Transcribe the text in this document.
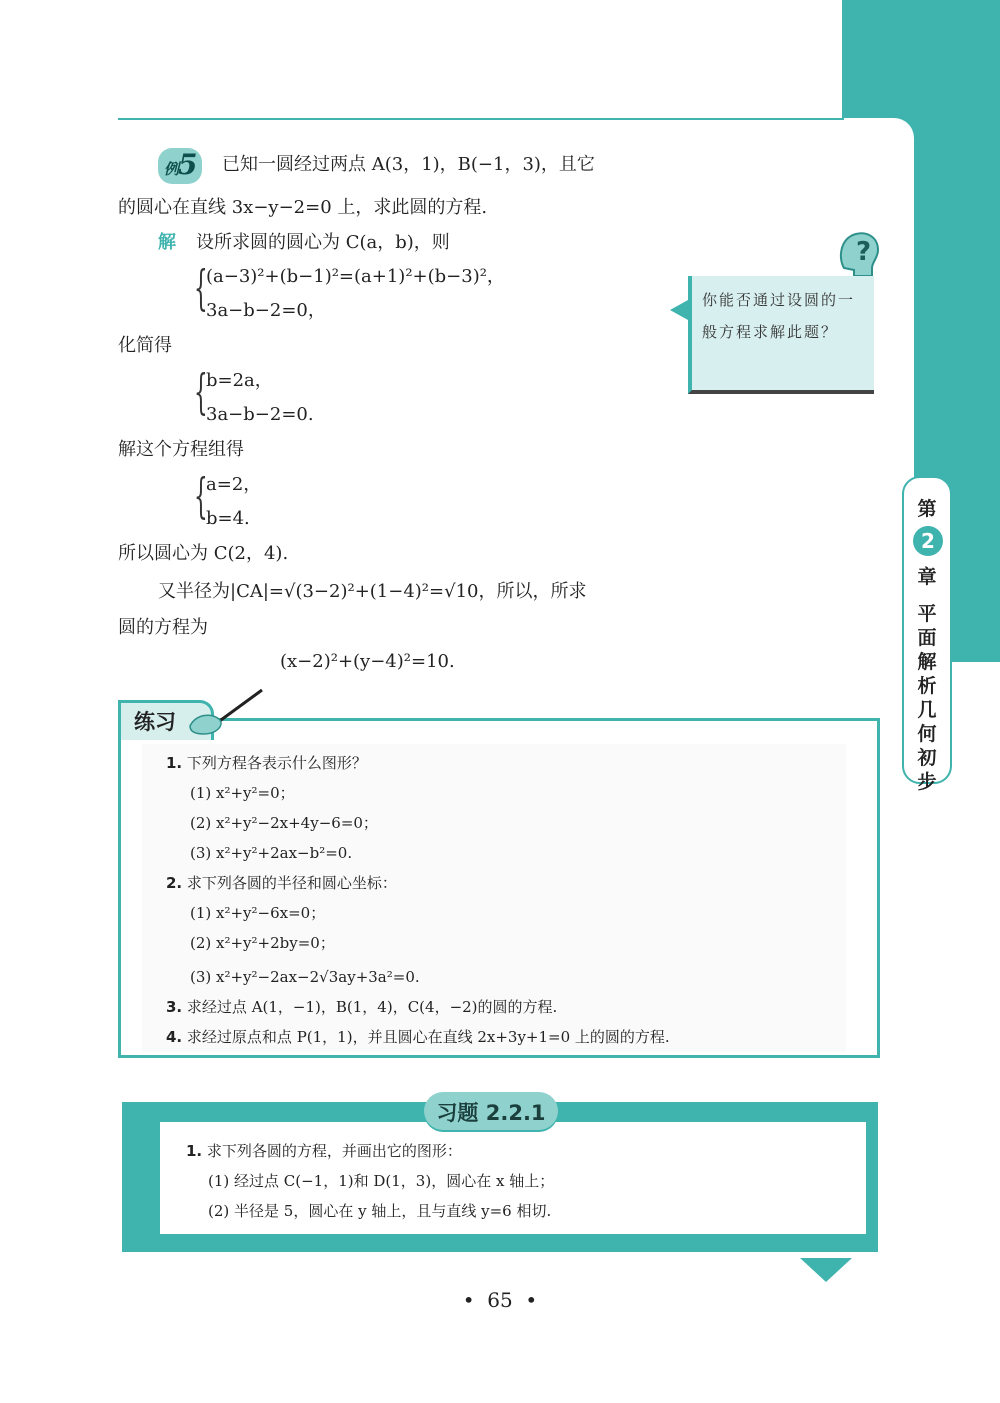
例
5 已知一圆经过两点 A(3，1)，B(−1，3)，且它
的圆心在直线 3x−y−2=0 上，求此圆的方程.
解 设所求圆的圆心为 C(a，b)，则
{
(a−3)²+(b−1)²=(a+1)²+(b−3)²，
3a−b−2=0，
化简得
{
b=2a，
3a−b−2=0.
解这个方程组得
{
a=2，
b=4.
所以圆心为 C(2，4).
又半径为|CA|=√(3−2)²+(1−4)²=√10，所以，所求
圆的方程为
(x−2)²+(y−4)²=10.
?
你能否通过设圆的一般方程求解此题？
第
2
章
平面解析几何初步
练习
1. 下列方程各表示什么图形？
(1) x²+y²=0；
(2) x²+y²−2x+4y−6=0；
(3) x²+y²+2ax−b²=0.
2. 求下列各圆的半径和圆心坐标：
(1) x²+y²−6x=0；
(2) x²+y²+2by=0；
(3) x²+y²−2ax−2√3ay+3a²=0.
3. 求经过点 A(1，−1)，B(1，4)，C(4，−2)的圆的方程.
4. 求经过原点和点 P(1，1)，并且圆心在直线 2x+3y+1=0 上的圆的方程.
习题 2.2.1
1. 求下列各圆的方程，并画出它的图形：
(1) 经过点 C(−1，1)和 D(1，3)，圆心在 x 轴上；
(2) 半径是 5，圆心在 y 轴上，且与直线 y=6 相切.
•  65  •
